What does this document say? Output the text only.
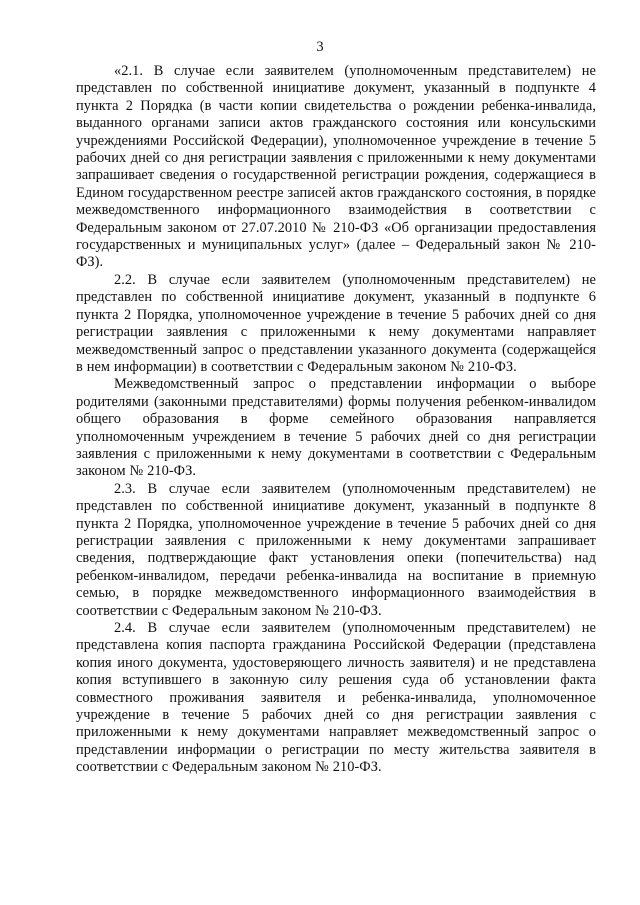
3

«2.1. В случае если заявителем (уполномоченным представителем) не представлен по собственной инициативе документ, указанный в подпункте 4 пункта 2 Порядка (в части копии свидетельства о рождении ребенка-инвалида, выданного органами записи актов гражданского состояния или консульскими учреждениями Российской Федерации), уполномоченное учреждение в течение 5 рабочих дней со дня регистрации заявления с приложенными к нему документами запрашивает сведения о государственной регистрации рождения, содержащиеся в Едином государственном реестре записей актов гражданского состояния, в порядке межведомственного информационного взаимодействия в соответствии с Федеральным законом от 27.07.2010 № 210-ФЗ «Об организации предоставления государственных и муниципальных услуг» (далее – Федеральный закон № 210-ФЗ).

2.2. В случае если заявителем (уполномоченным представителем) не представлен по собственной инициативе документ, указанный в подпункте 6 пункта 2 Порядка, уполномоченное учреждение в течение 5 рабочих дней со дня регистрации заявления с приложенными к нему документами направляет межведомственный запрос о представлении указанного документа (содержащейся в нем информации) в соответствии с Федеральным законом № 210-ФЗ.

Межведомственный запрос о представлении информации о выборе родителями (законными представителями) формы получения ребенком-инвалидом общего образования в форме семейного образования направляется уполномоченным учреждением в течение 5 рабочих дней со дня регистрации заявления с приложенными к нему документами в соответствии с Федеральным законом № 210-ФЗ.

2.3. В случае если заявителем (уполномоченным представителем) не представлен по собственной инициативе документ, указанный в подпункте 8 пункта 2 Порядка, уполномоченное учреждение в течение 5 рабочих дней со дня регистрации заявления с приложенными к нему документами запрашивает сведения, подтверждающие факт установления опеки (попечительства) над ребенком-инвалидом, передачи ребенка-инвалида на воспитание в приемную семью, в порядке межведомственного информационного взаимодействия в соответствии с Федеральным законом № 210-ФЗ.

2.4. В случае если заявителем (уполномоченным представителем) не представлена копия паспорта гражданина Российской Федерации (представлена копия иного документа, удостоверяющего личность заявителя) и не представлена копия вступившего в законную силу решения суда об установлении факта совместного проживания заявителя и ребенка-инвалида, уполномоченное учреждение в течение 5 рабочих дней со дня регистрации заявления с приложенными к нему документами направляет межведомственный запрос о представлении информации о регистрации по месту жительства заявителя в соответствии с Федеральным законом № 210-ФЗ.
